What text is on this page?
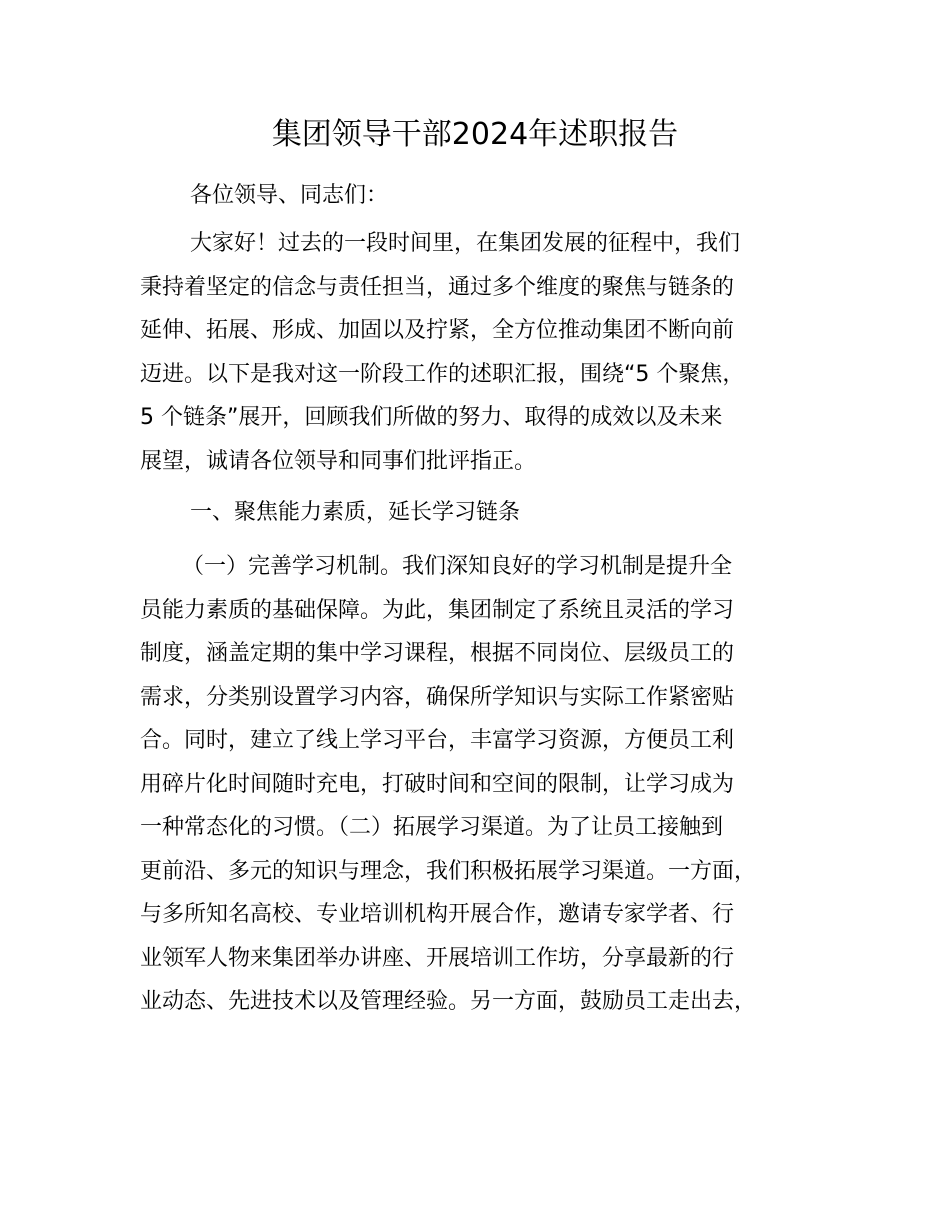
集团领导干部2024年述职报告

各位领导、同志们：

大家好！过去的一段时间里，在集团发展的征程中，我们
秉持着坚定的信念与责任担当，通过多个维度的聚焦与链条的
延伸、拓展、形成、加固以及拧紧，全方位推动集团不断向前
迈进。以下是我对这一阶段工作的述职汇报，围绕“5 个聚焦，
5 个链条”展开，回顾我们所做的努力、取得的成效以及未来
展望，诚请各位领导和同事们批评指正。

一、聚焦能力素质，延长学习链条

（一）完善学习机制。我们深知良好的学习机制是提升全
员能力素质的基础保障。为此，集团制定了系统且灵活的学习
制度，涵盖定期的集中学习课程，根据不同岗位、层级员工的
需求，分类别设置学习内容，确保所学知识与实际工作紧密贴
合。同时，建立了线上学习平台，丰富学习资源，方便员工利
用碎片化时间随时充电，打破时间和空间的限制，让学习成为
一种常态化的习惯。（二）拓展学习渠道。为了让员工接触到
更前沿、多元的知识与理念，我们积极拓展学习渠道。一方面，
与多所知名高校、专业培训机构开展合作，邀请专家学者、行
业领军人物来集团举办讲座、开展培训工作坊，分享最新的行
业动态、先进技术以及管理经验。另一方面，鼓励员工走出去，
